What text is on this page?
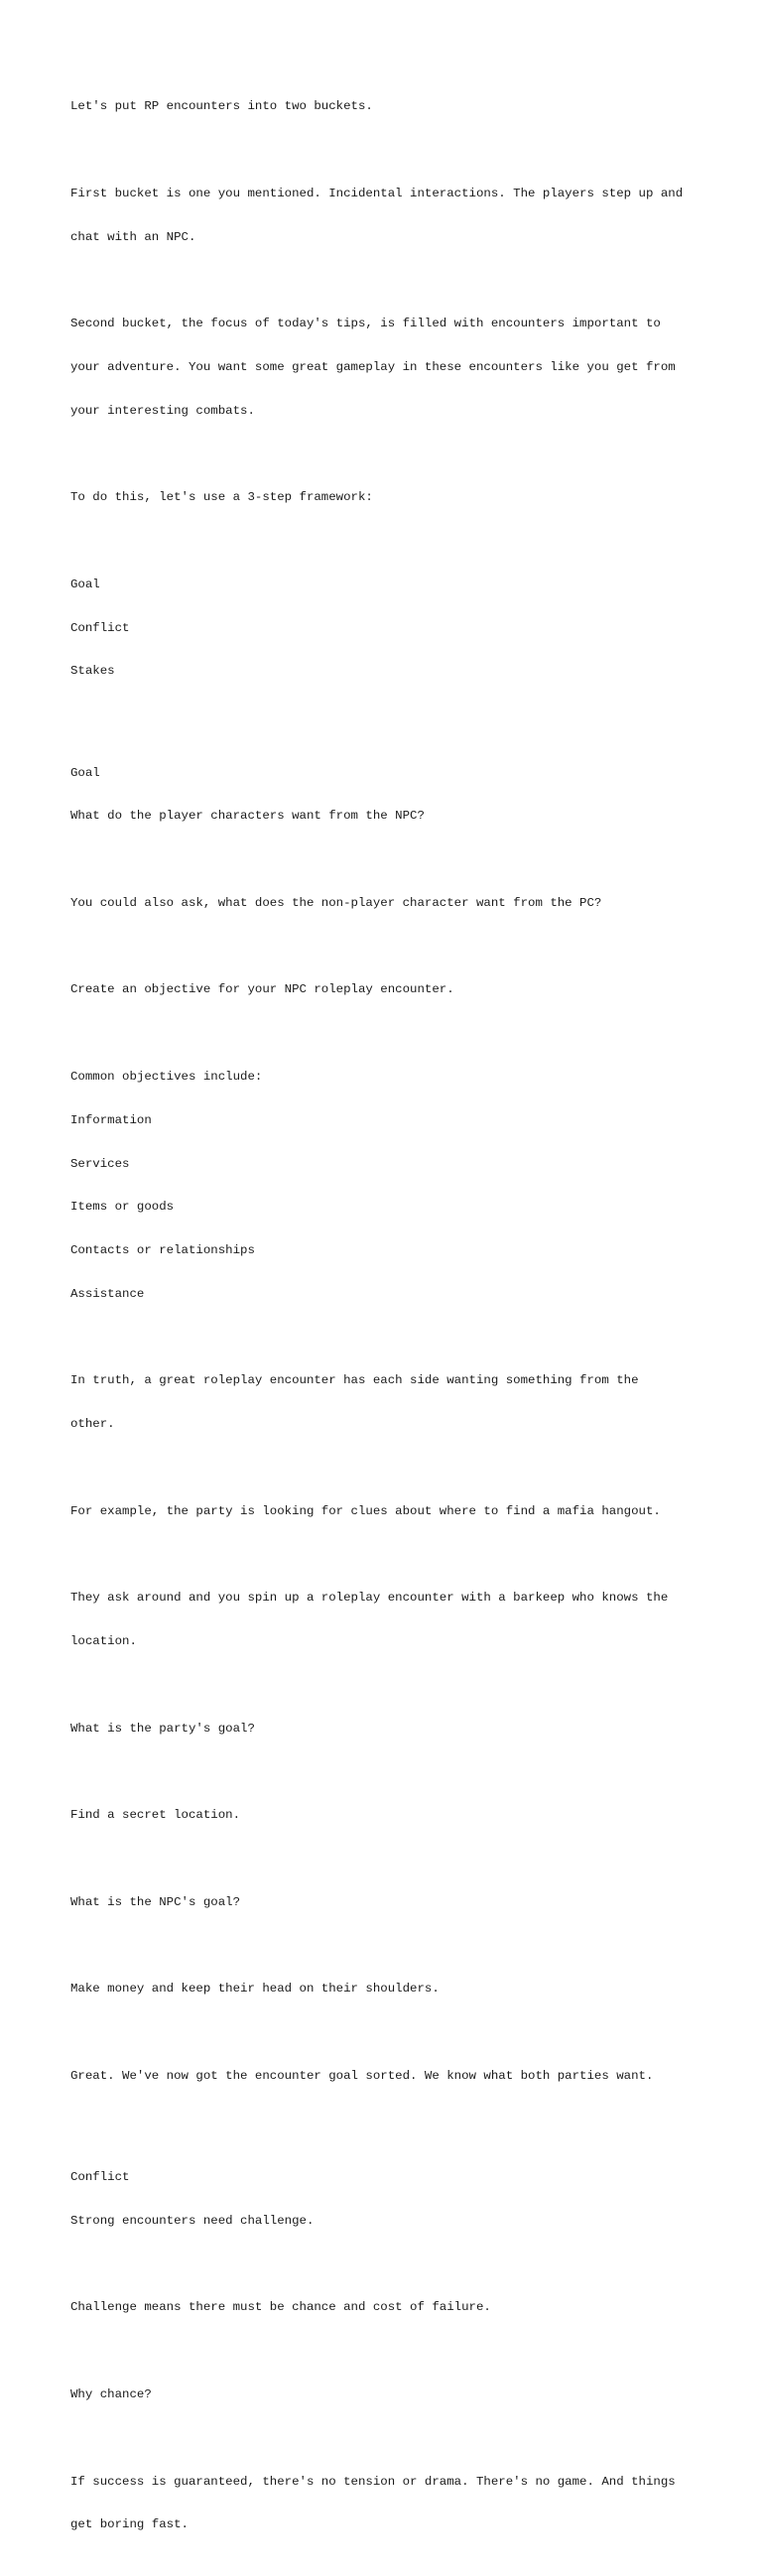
Let's put RP encounters into two buckets.

First bucket is one you mentioned. Incidental interactions. The players step up and

chat with an NPC.

Second bucket, the focus of today's tips, is filled with encounters important to

your adventure. You want some great gameplay in these encounters like you get from

your interesting combats.

To do this, let's use a 3-step framework:

Goal

Conflict

Stakes

Goal

What do the player characters want from the NPC?

You could also ask, what does the non-player character want from the PC?

Create an objective for your NPC roleplay encounter.

Common objectives include:

Information

Services

Items or goods

Contacts or relationships

Assistance

In truth, a great roleplay encounter has each side wanting something from the

other.

For example, the party is looking for clues about where to find a mafia hangout.

They ask around and you spin up a roleplay encounter with a barkeep who knows the

location.

What is the party's goal?

Find a secret location.

What is the NPC's goal?

Make money and keep their head on their shoulders.

Great. We've now got the encounter goal sorted. We know what both parties want.

Conflict

Strong encounters need challenge.

Challenge means there must be chance and cost of failure.

Why chance?

If success is guaranteed, there's no tension or drama. There's no game. And things

get boring fast.
